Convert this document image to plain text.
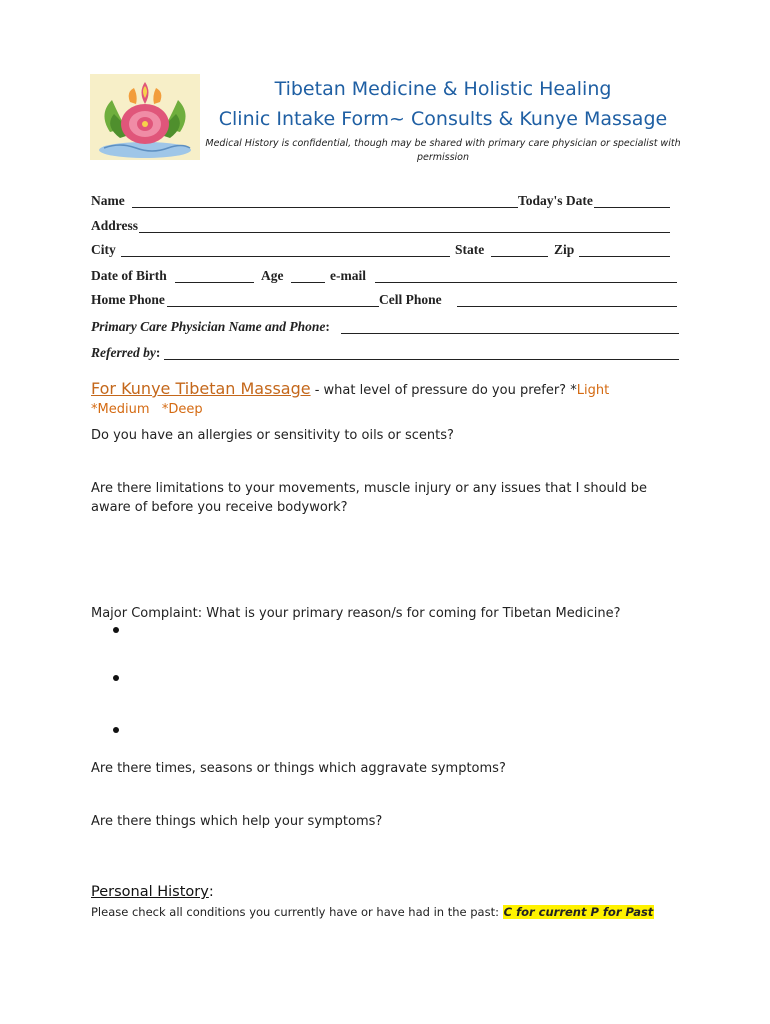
Tibetan Medicine & Holistic Healing
Clinic Intake Form~ Consults & Kunye Massage
Medical History is confidential, though may be shared with primary care physician or specialist with permission
Name	Today's Date
Address
City	State	Zip
Date of Birth	Age	e-mail
Home Phone	Cell Phone
Primary Care Physician Name and Phone:
Referred by:
For Kunye Tibetan Massage - what level of pressure do you prefer? *Light
*Medium *Deep
Do you have an allergies or sensitivity to oils or scents?
Are there limitations to your movements, muscle injury or any issues that I should be aware of before you receive bodywork?
Major Complaint: What is your primary reason/s for coming for Tibetan Medicine?
Are there times, seasons or things which aggravate symptoms?
Are there things which help your symptoms?
Personal History:
Please check all conditions you currently have or have had in the past: C for current P for Past
